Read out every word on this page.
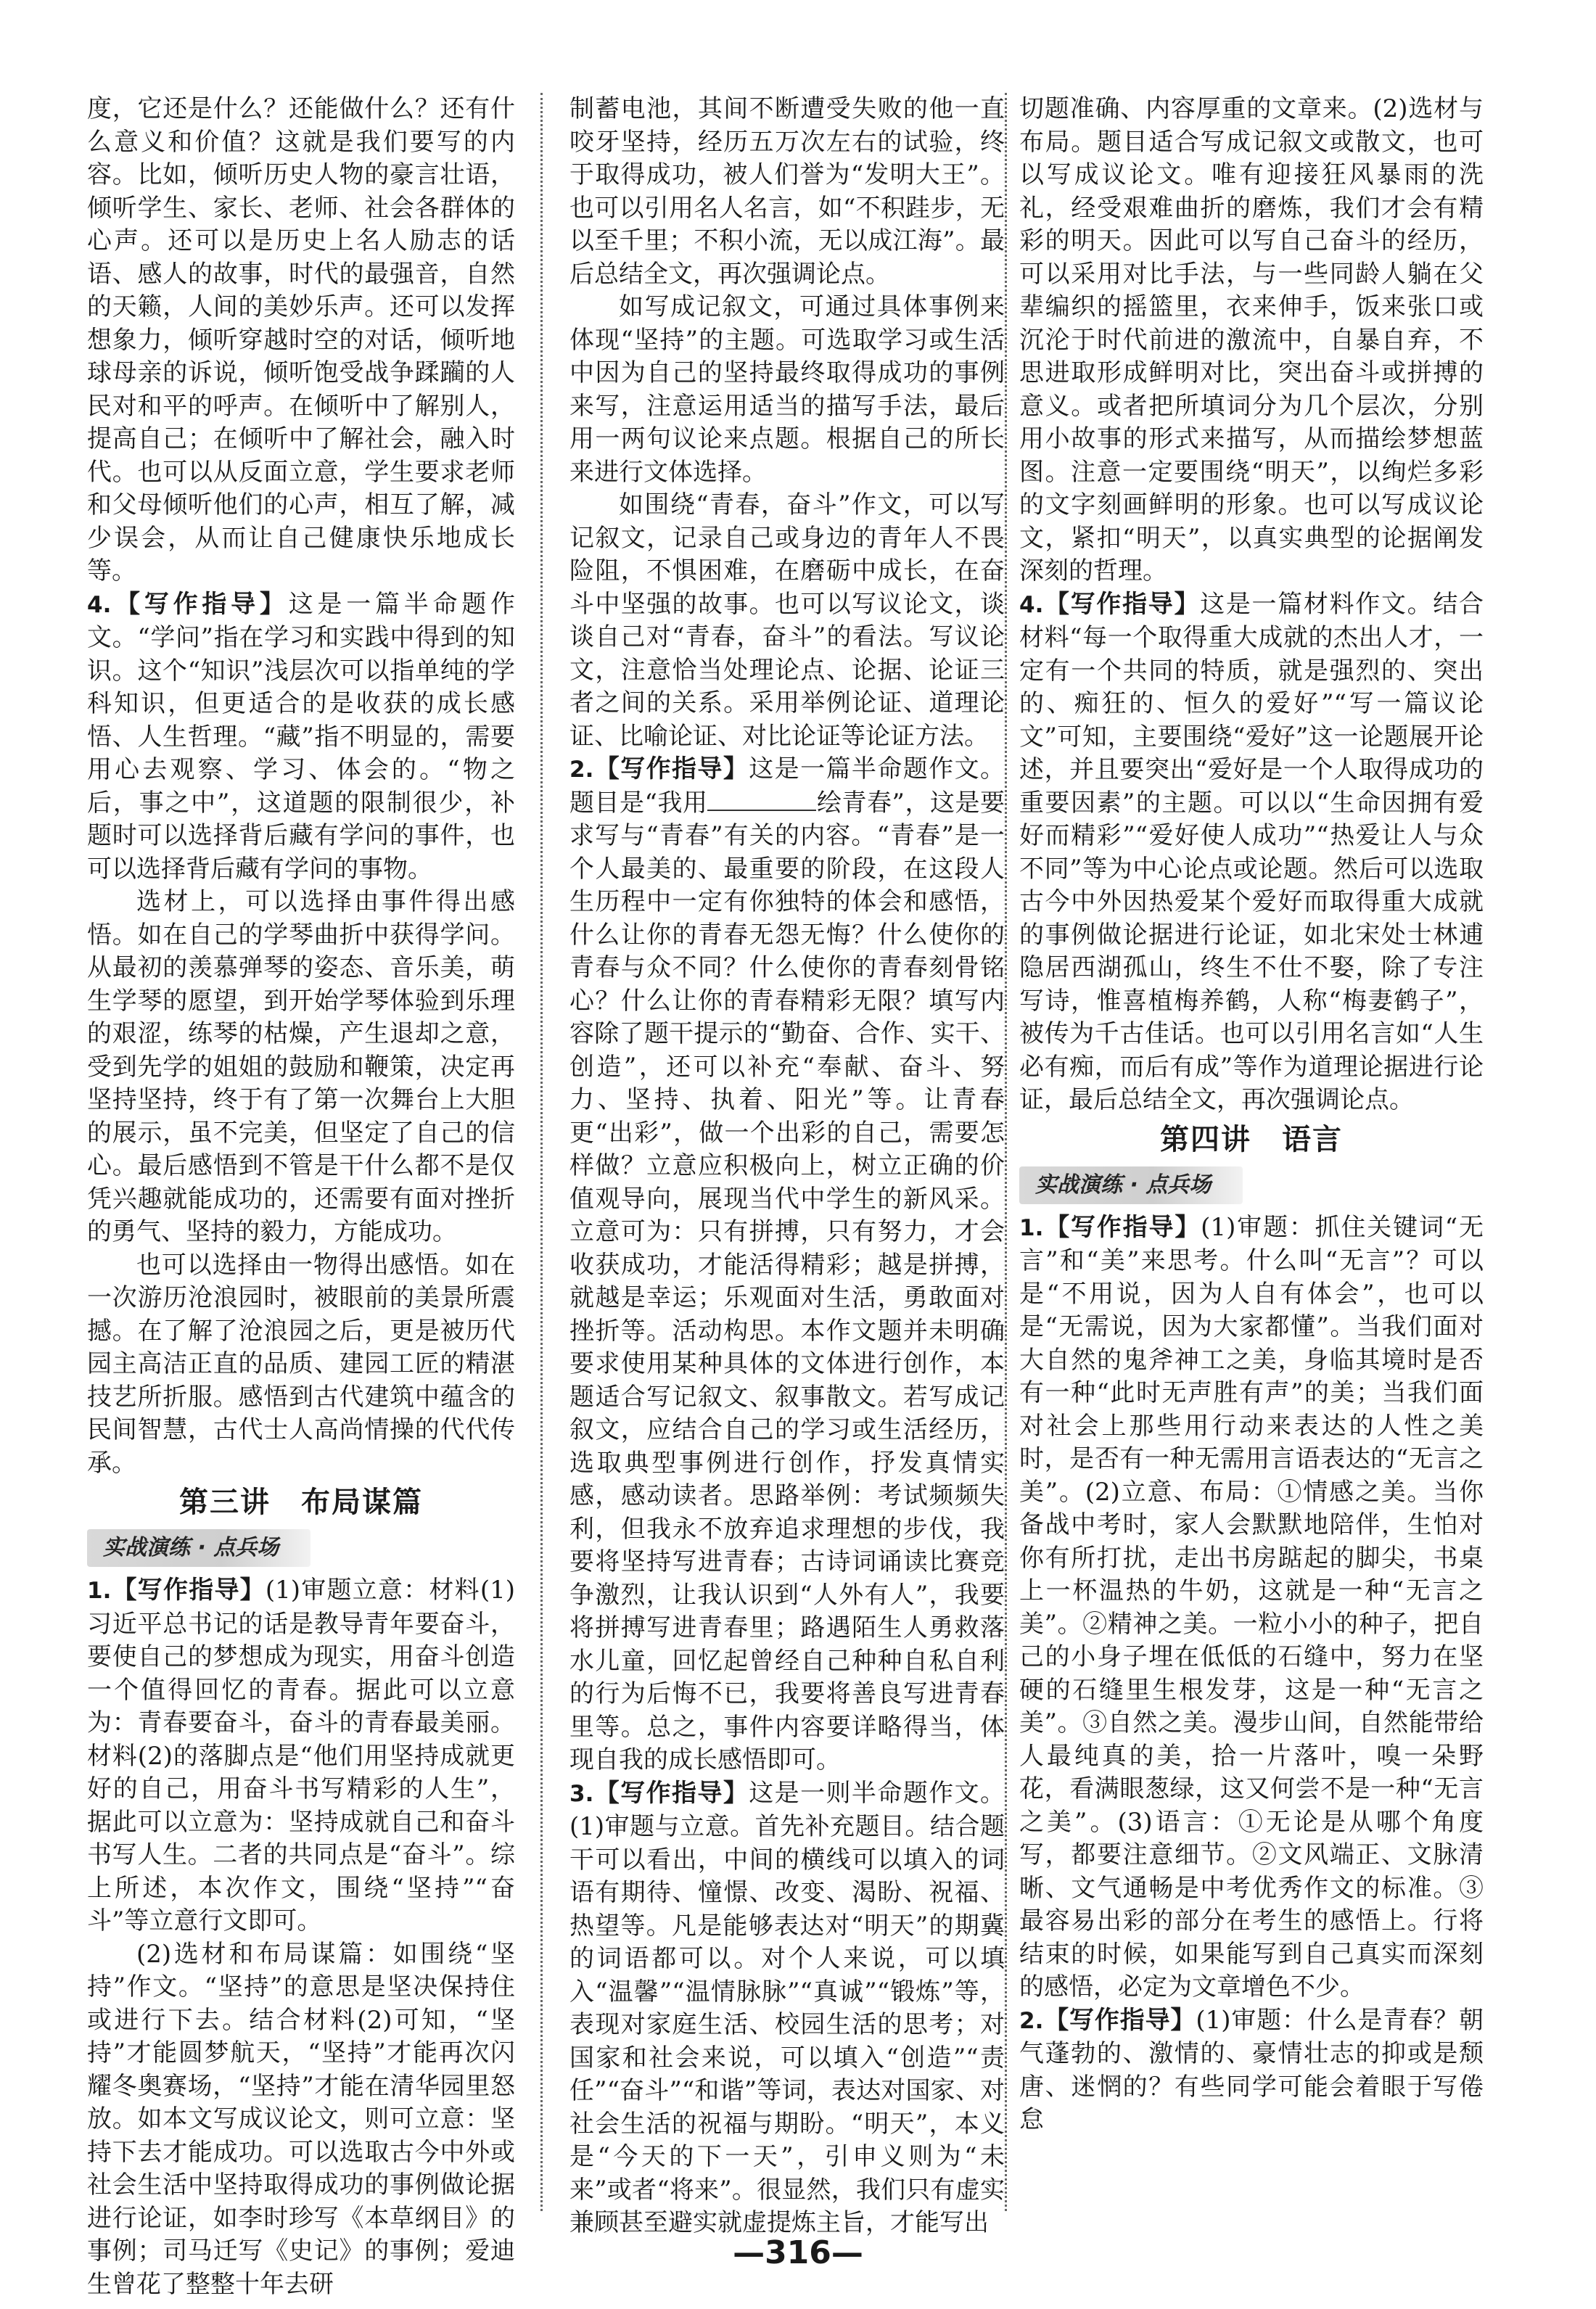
度，它还是什么？还能做什么？还有什么意义和价值？这就是我们要写的内容。比如，倾听历史人物的豪言壮语，倾听学生、家长、老师、社会各群体的心声。还可以是历史上名人励志的话语、感人的故事，时代的最强音，自然的天籁，人间的美妙乐声。还可以发挥想象力，倾听穿越时空的对话，倾听地球母亲的诉说，倾听饱受战争蹂躏的人民对和平的呼声。在倾听中了解别人，提高自己；在倾听中了解社会，融入时代。也可以从反面立意，学生要求老师和父母倾听他们的心声，相互了解，减少误会，从而让自己健康快乐地成长等。

4.【写作指导】这是一篇半命题作文。“学问”指在学习和实践中得到的知识。这个“知识”浅层次可以指单纯的学科知识，但更适合的是收获的成长感悟、人生哲理。“藏”指不明显的，需要用心去观察、学习、体会的。“物之后，事之中”，这道题的限制很少，补题时可以选择背后藏有学问的事件，也可以选择背后藏有学问的事物。

选材上，可以选择由事件得出感悟。如在自己的学琴曲折中获得学问。从最初的羡慕弹琴的姿态、音乐美，萌生学琴的愿望，到开始学琴体验到乐理的艰涩，练琴的枯燥，产生退却之意，受到先学的姐姐的鼓励和鞭策，决定再坚持坚持，终于有了第一次舞台上大胆的展示，虽不完美，但坚定了自己的信心。最后感悟到不管是干什么都不是仅凭兴趣就能成功的，还需要有面对挫折的勇气、坚持的毅力，方能成功。

也可以选择由一物得出感悟。如在一次游历沧浪园时，被眼前的美景所震撼。在了解了沧浪园之后，更是被历代园主高洁正直的品质、建园工匠的精湛技艺所折服。感悟到古代建筑中蕴含的民间智慧，古代士人高尚情操的代代传承。

第三讲　布局谋篇
实战演练 · 点兵场

1.【写作指导】(1)审题立意：材料(1)习近平总书记的话是教导青年要奋斗，要使自己的梦想成为现实，用奋斗创造一个值得回忆的青春。据此可以立意为：青春要奋斗，奋斗的青春最美丽。材料(2)的落脚点是“他们用坚持成就更好的自己，用奋斗书写精彩的人生”，据此可以立意为：坚持成就自己和奋斗书写人生。二者的共同点是“奋斗”。综上所述，本次作文，围绕“坚持”“奋斗”等立意行文即可。

(2)选材和布局谋篇：如围绕“坚持”作文。“坚持”的意思是坚决保持住或进行下去。结合材料(2)可知，“坚持”才能圆梦航天，“坚持”才能再次闪耀冬奥赛场，“坚持”才能在清华园里怒放。如本文写成议论文，则可立意：坚持下去才能成功。可以选取古今中外或社会生活中坚持取得成功的事例做论据进行论证，如李时珍写《本草纲目》的事例；司马迁写《史记》的事例；爱迪生曾花了整整十年去研

制蓄电池，其间不断遭受失败的他一直咬牙坚持，经历五万次左右的试验，终于取得成功，被人们誉为“发明大王”。也可以引用名人名言，如“不积跬步，无以至千里；不积小流，无以成江海”。最后总结全文，再次强调论点。

如写成记叙文，可通过具体事例来体现“坚持”的主题。可选取学习或生活中因为自己的坚持最终取得成功的事例来写，注意运用适当的描写手法，最后用一两句议论来点题。根据自己的所长来进行文体选择。

如围绕“青春，奋斗”作文，可以写记叙文，记录自己或身边的青年人不畏险阻，不惧困难，在磨砺中成长，在奋斗中坚强的故事。也可以写议论文，谈谈自己对“青春，奋斗”的看法。写议论文，注意恰当处理论点、论据、论证三者之间的关系。采用举例论证、道理论证、比喻论证、对比论证等论证方法。

2.【写作指导】这是一篇半命题作文。题目是“我用	绘青春”，这是要求写与“青春”有关的内容。“青春”是一个人最美的、最重要的阶段，在这段人生历程中一定有你独特的体会和感悟，什么让你的青春无怨无悔？什么使你的青春与众不同？什么使你的青春刻骨铭心？什么让你的青春精彩无限？填写内容除了题干提示的“勤奋、合作、实干、创造”，还可以补充“奉献、奋斗、努力、坚持、执着、阳光”等。让青春更“出彩”，做一个出彩的自己，需要怎样做？立意应积极向上，树立正确的价值观导向，展现当代中学生的新风采。立意可为：只有拼搏，只有努力，才会收获成功，才能活得精彩；越是拼搏，就越是幸运；乐观面对生活，勇敢面对挫折等。活动构思。本作文题并未明确要求使用某种具体的文体进行创作，本题适合写记叙文、叙事散文。若写成记叙文，应结合自己的学习或生活经历，选取典型事例进行创作，抒发真情实感，感动读者。思路举例：考试频频失利，但我永不放弃追求理想的步伐，我要将坚持写进青春；古诗词诵读比赛竞争激烈，让我认识到“人外有人”，我要将拼搏写进青春里；路遇陌生人勇救落水儿童，回忆起曾经自己种种自私自利的行为后悔不已，我要将善良写进青春里等。总之，事件内容要详略得当，体现自我的成长感悟即可。

3.【写作指导】这是一则半命题作文。(1)审题与立意。首先补充题目。结合题干可以看出，中间的横线可以填入的词语有期待、憧憬、改变、渴盼、祝福、热望等。凡是能够表达对“明天”的期冀的词语都可以。对个人来说，可以填入“温馨”“温情脉脉”“真诚”“锻炼”等，表现对家庭生活、校园生活的思考；对国家和社会来说，可以填入“创造”“责任”“奋斗”“和谐”等词，表达对国家、对社会生活的祝福与期盼。“明天”，本义是“今天的下一天”，引申义则为“未来”或者“将来”。很显然，我们只有虚实兼顾甚至避实就虚提炼主旨，才能写出

切题准确、内容厚重的文章来。(2)选材与布局。题目适合写成记叙文或散文，也可以写成议论文。唯有迎接狂风暴雨的洗礼，经受艰难曲折的磨炼，我们才会有精彩的明天。因此可以写自己奋斗的经历，可以采用对比手法，与一些同龄人躺在父辈编织的摇篮里，衣来伸手，饭来张口或沉沦于时代前进的激流中，自暴自弃，不思进取形成鲜明对比，突出奋斗或拼搏的意义。或者把所填词分为几个层次，分别用小故事的形式来描写，从而描绘梦想蓝图。注意一定要围绕“明天”，以绚烂多彩的文字刻画鲜明的形象。也可以写成议论文，紧扣“明天”，以真实典型的论据阐发深刻的哲理。

4.【写作指导】这是一篇材料作文。结合材料“每一个取得重大成就的杰出人才，一定有一个共同的特质，就是强烈的、突出的、痴狂的、恒久的爱好”“写一篇议论文”可知，主要围绕“爱好”这一论题展开论述，并且要突出“爱好是一个人取得成功的重要因素”的主题。可以以“生命因拥有爱好而精彩”“爱好使人成功”“热爱让人与众不同”等为中心论点或论题。然后可以选取古今中外因热爱某个爱好而取得重大成就的事例做论据进行论证，如北宋处士林逋隐居西湖孤山，终生不仕不娶，除了专注写诗，惟喜植梅养鹤，人称“梅妻鹤子”，被传为千古佳话。也可以引用名言如“人生必有痴，而后有成”等作为道理论据进行论证，最后总结全文，再次强调论点。

第四讲　语言
实战演练 · 点兵场

1.【写作指导】(1)审题：抓住关键词“无言”和“美”来思考。什么叫“无言”？可以是“不用说，因为人自有体会”，也可以是“无需说，因为大家都懂”。当我们面对大自然的鬼斧神工之美，身临其境时是否有一种“此时无声胜有声”的美；当我们面对社会上那些用行动来表达的人性之美时，是否有一种无需用言语表达的“无言之美”。(2)立意、布局：①情感之美。当你备战中考时，家人会默默地陪伴，生怕对你有所打扰，走出书房踮起的脚尖，书桌上一杯温热的牛奶，这就是一种“无言之美”。②精神之美。一粒小小的种子，把自己的小身子埋在低低的石缝中，努力在坚硬的石缝里生根发芽，这是一种“无言之美”。③自然之美。漫步山间，自然能带给人最纯真的美，拾一片落叶，嗅一朵野花，看满眼葱绿，这又何尝不是一种“无言之美”。(3)语言：①无论是从哪个角度写，都要注意细节。②文风端正、文脉清晰、文气通畅是中考优秀作文的标准。③最容易出彩的部分在考生的感悟上。行将结束的时候，如果能写到自己真实而深刻的感悟，必定为文章增色不少。

2.【写作指导】(1)审题：什么是青春？朝气蓬勃的、激情的、豪情壮志的抑或是颓唐、迷惘的？有些同学可能会着眼于写倦怠

—316—
